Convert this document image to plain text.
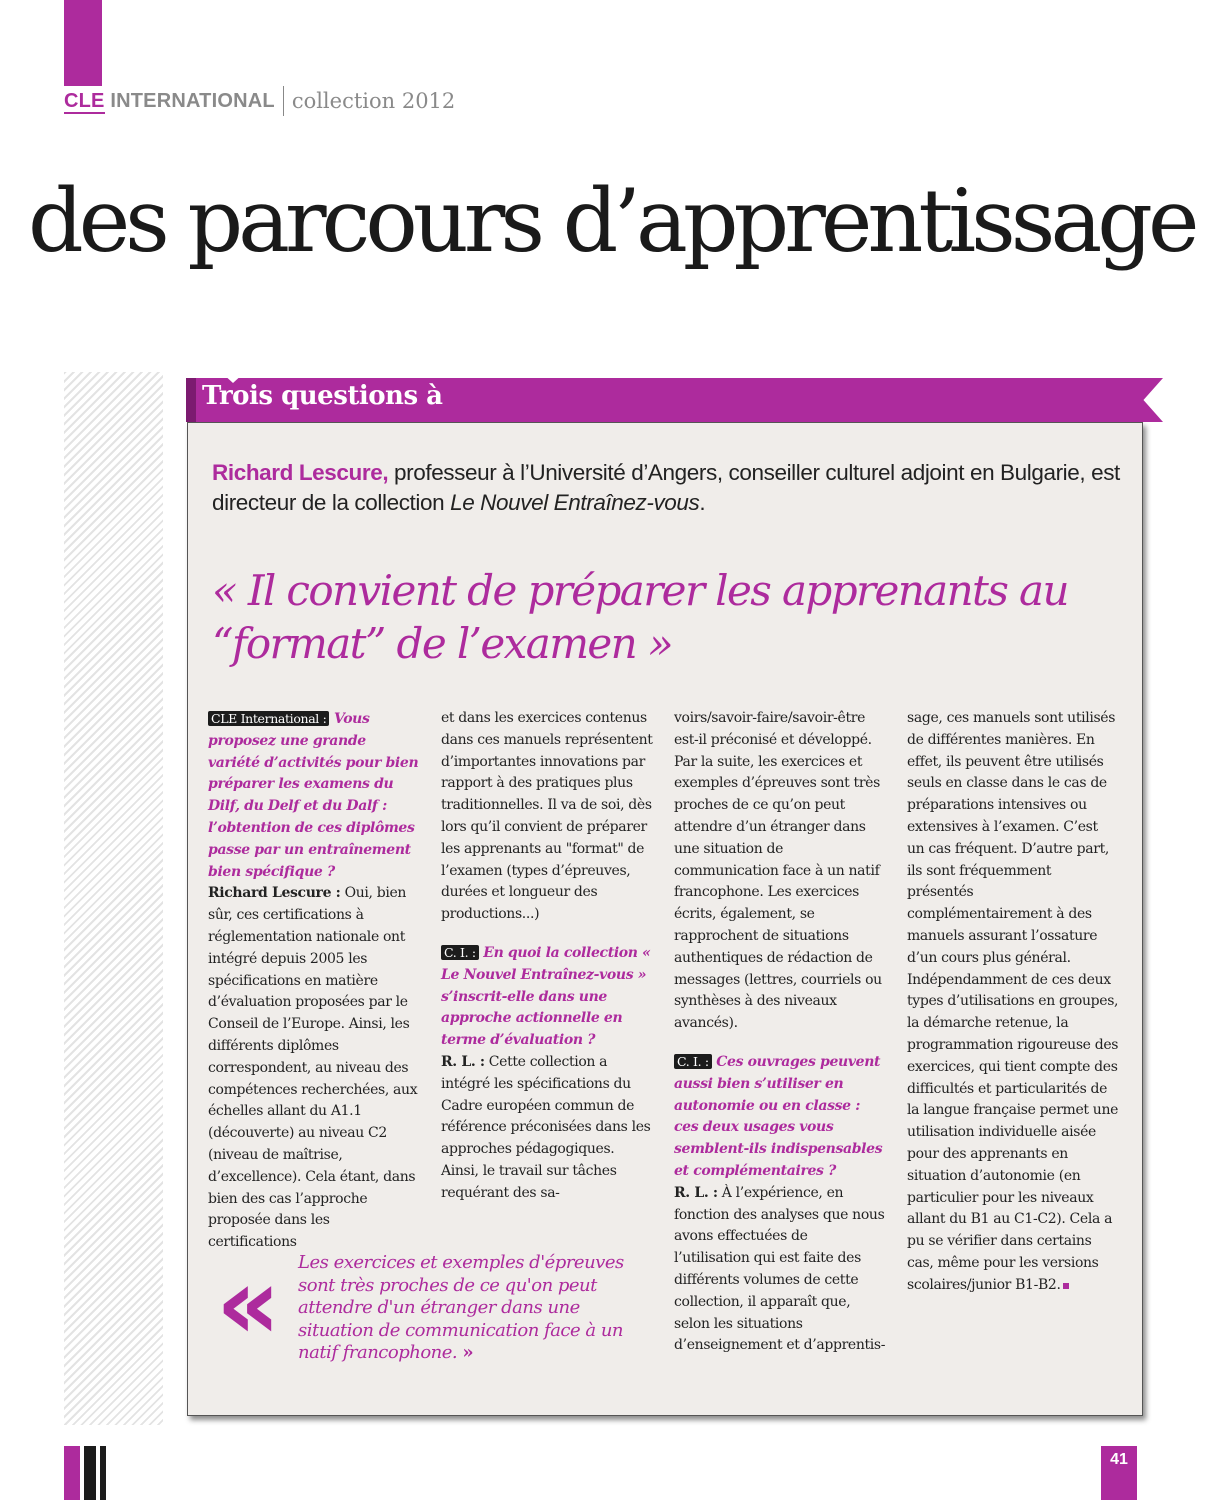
CLE INTERNATIONAL collection 2012
des parcours d’apprentissage
Trois questions à

Richard Lescure, professeur à l’Université d’Angers, conseiller culturel adjoint en Bulgarie, est directeur de la collection Le Nouvel Entraînez-vous.

« Il convient de préparer les apprenants au “format” de l’examen »

CLE International : Vous proposez une grande variété d’activités pour bien préparer les examens du Dilf, du Delf et du Dalf : l’obtention de ces diplômes passe par un entraînement bien spécifique ?

Richard Lescure : Oui, bien sûr, ces certifications à réglementation nationale ont intégré depuis 2005 les spécifications en matière d’évaluation proposées par le Conseil de l’Europe. Ainsi, les différents diplômes correspondent, au niveau des compétences recherchées, aux échelles allant du A1.1 (découverte) au niveau C2 (niveau de maîtrise, d’excellence). Cela étant, dans bien des cas l’approche proposée dans les certifications

et dans les exercices contenus dans ces manuels représentent d’importantes innovations par rapport à des pratiques plus traditionnelles. Il va de soi, dès lors qu’il convient de préparer les apprenants au "format" de l’examen (types d’épreuves, durées et longueur des productions...)

C. I. : En quoi la collection « Le Nouvel Entraînez-vous » s’inscrit-elle dans une approche actionnelle en terme d’évaluation ?

R. L. : Cette collection a intégré les spécifications du Cadre européen commun de référence préconisées dans les approches pédagogiques. Ainsi, le travail sur tâches requérant des sa-

voirs/savoir-faire/savoir-être est-il préconisé et développé. Par la suite, les exercices et exemples d’épreuves sont très proches de ce qu’on peut attendre d’un étranger dans une situation de communication face à un natif francophone. Les exercices écrits, également, se rapprochent de situations authentiques de rédaction de messages (lettres, courriels ou synthèses à des niveaux avancés).

C. I. : Ces ouvrages peuvent aussi bien s’utiliser en autonomie ou en classe : ces deux usages vous semblent-ils indispensables et complémentaires ?

R. L. : À l’expérience, en fonction des analyses que nous avons effectuées de l’utilisation qui est faite des différents volumes de cette collection, il apparaît que, selon les situations d’enseignement et d’apprentis-

sage, ces manuels sont utilisés de différentes manières. En effet, ils peuvent être utilisés seuls en classe dans le cas de préparations intensives ou extensives à l’examen. C’est un cas fréquent. D’autre part, ils sont fréquemment présentés complémentairement à des manuels assurant l’ossature d’un cours plus général. Indépendamment de ces deux types d’utilisations en groupes, la démarche retenue, la programmation rigoureuse des exercices, qui tient compte des difficultés et particularités de la langue française permet une utilisation individuelle aisée pour des apprenants en situation d’autonomie (en particulier pour les niveaux allant du B1 au C1-C2). Cela a pu se vérifier dans certains cas, même pour les versions scolaires/junior B1-B2.

« Les exercices et exemples d'épreuves sont très proches de ce qu'on peut attendre d'un étranger dans une situation de communication face à un natif francophone. »

41
